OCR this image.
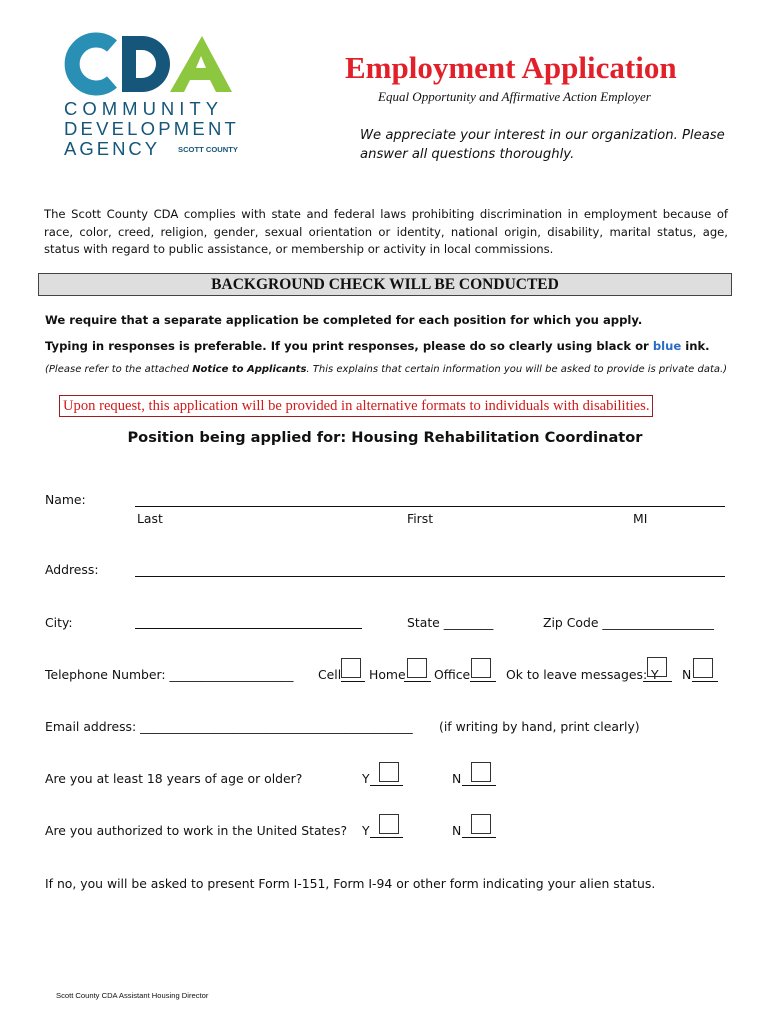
COMMUNITY
DEVELOPMENT
AGENCY SCOTT COUNTY
Employment Application
Equal Opportunity and Affirmative Action Employer
We appreciate your interest in our organization. Please answer all questions thoroughly.
The Scott County CDA complies with state and federal laws prohibiting discrimination in employment because of race, color, creed, religion, gender, sexual orientation or identity, national origin, disability, marital status, age, status with regard to public assistance, or membership or activity in local commissions.
BACKGROUND CHECK WILL BE CONDUCTED
We require that a separate application be completed for each position for which you apply.
Typing in responses is preferable. If you print responses, please do so clearly using black or blue ink.
(Please refer to the attached Notice to Applicants. This explains that certain information you will be asked to provide is private data.)
Upon request, this application will be provided in alternative formats to individuals with disabilities.
Position being applied for: Housing Rehabilitation Coordinator
Name:
Last	First	MI
Address:
City:	State ________	Zip Code __________________
Telephone Number: ____________________ Cell Home Office	Ok to leave messages: Y N
Email address: ____________________________________________ (if writing by hand, print clearly)
Are you at least 18 years of age or older?	Y	N
Are you authorized to work in the United States? Y	N
If no, you will be asked to present Form I-151, Form I-94 or other form indicating your alien status.
Scott County CDA Assistant Housing Director
